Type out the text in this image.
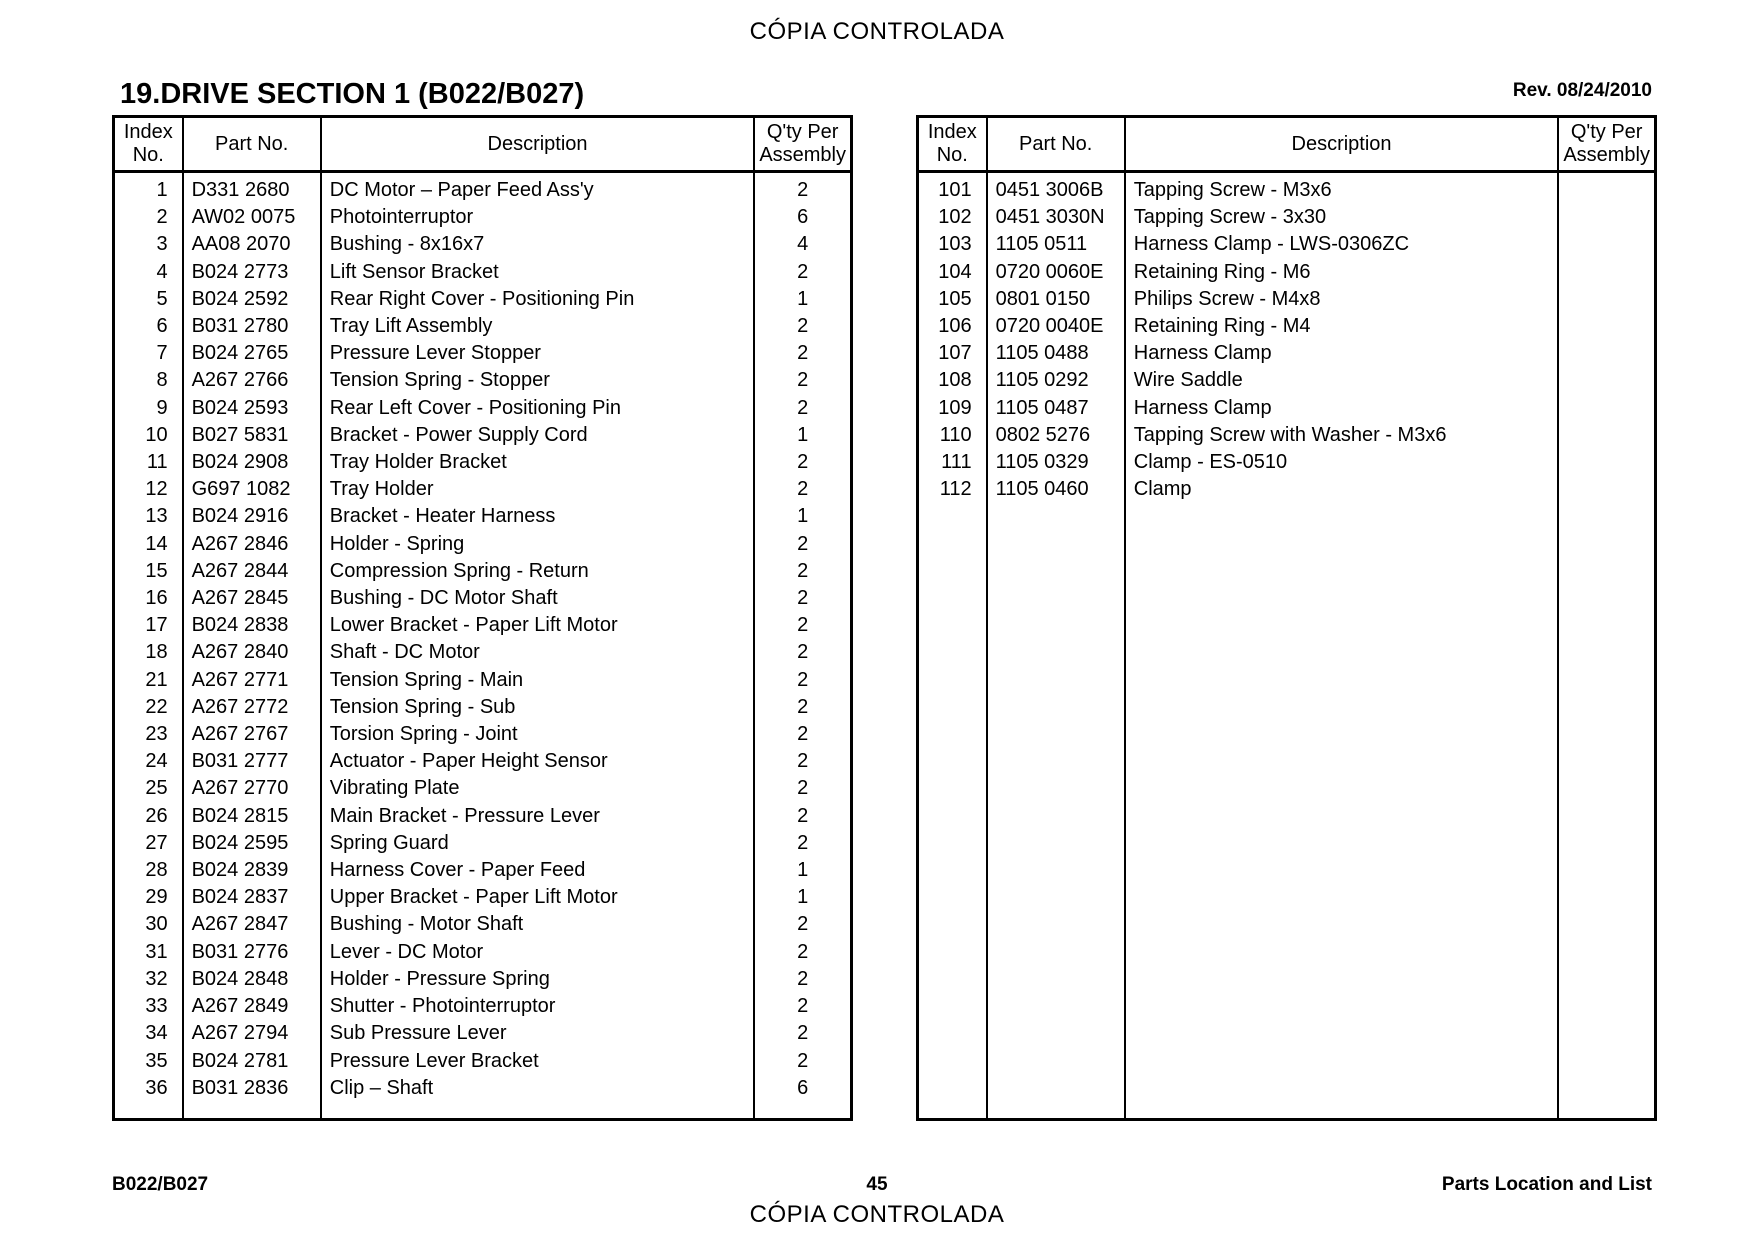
CÓPIA CONTROLADA
19.DRIVE SECTION 1 (B022/B027)	Rev. 08/24/2010
Index
No.	Part No.	Description	Q'ty Per
Assembly
1	D331 2680	DC Motor – Paper Feed Ass'y	2
2	AW02 0075	Photointerruptor	6
3	AA08 2070	Bushing - 8x16x7	4
4	B024 2773	Lift Sensor Bracket	2
5	B024 2592	Rear Right Cover - Positioning Pin	1
6	B031 2780	Tray Lift Assembly	2
7	B024 2765	Pressure Lever Stopper	2
8	A267 2766	Tension Spring - Stopper	2
9	B024 2593	Rear Left Cover - Positioning Pin	2
10	B027 5831	Bracket - Power Supply Cord	1
11	B024 2908	Tray Holder Bracket	2
12	G697 1082	Tray Holder	2
13	B024 2916	Bracket - Heater Harness	1
14	A267 2846	Holder - Spring	2
15	A267 2844	Compression Spring - Return	2
16	A267 2845	Bushing - DC Motor Shaft	2
17	B024 2838	Lower Bracket - Paper Lift Motor	2
18	A267 2840	Shaft - DC Motor	2
21	A267 2771	Tension Spring - Main	2
22	A267 2772	Tension Spring - Sub	2
23	A267 2767	Torsion Spring - Joint	2
24	B031 2777	Actuator - Paper Height Sensor	2
25	A267 2770	Vibrating Plate	2
26	B024 2815	Main Bracket - Pressure Lever	2
27	B024 2595	Spring Guard	2
28	B024 2839	Harness Cover - Paper Feed	1
29	B024 2837	Upper Bracket - Paper Lift Motor	1
30	A267 2847	Bushing - Motor Shaft	2
31	B031 2776	Lever - DC Motor	2
32	B024 2848	Holder - Pressure Spring	2
33	A267 2849	Shutter - Photointerruptor	2
34	A267 2794	Sub Pressure Lever	2
35	B024 2781	Pressure Lever Bracket	2
36	B031 2836	Clip – Shaft	6

Index
No.	Part No.	Description	Q'ty Per
Assembly
101	0451 3006B	Tapping Screw - M3x6	
102	0451 3030N	Tapping Screw - 3x30	
103	1105 0511	Harness Clamp - LWS-0306ZC	
104	0720 0060E	Retaining Ring - M6	
105	0801 0150	Philips Screw - M4x8	
106	0720 0040E	Retaining Ring - M4	
107	1105 0488	Harness Clamp	
108	1105 0292	Wire Saddle	
109	1105 0487	Harness Clamp	
110	0802 5276	Tapping Screw with Washer - M3x6	
111	1105 0329	Clamp - ES-0510	
112	1105 0460	Clamp	

B022/B027	45	Parts Location and List
CÓPIA CONTROLADA
